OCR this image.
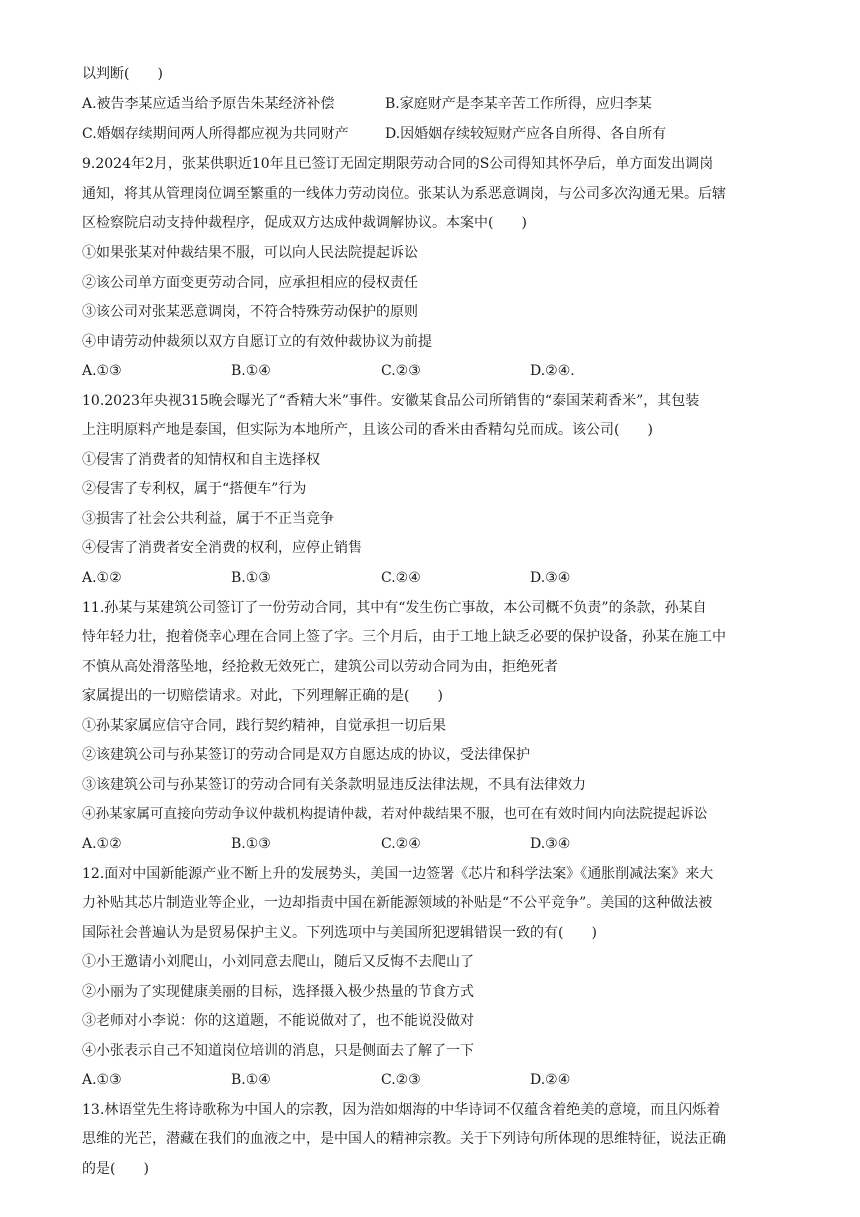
以判断(　　)
A.被告李某应适当给予原告朱某经济补偿	B.家庭财产是李某辛苦工作所得，应归李某
C.婚姻存续期间两人所得都应视为共同财产	D.因婚姻存续较短财产应各自所得、各自所有
9.2024年2月，张某供职近10年且已签订无固定期限劳动合同的S公司得知其怀孕后，单方面发出调岗
通知，将其从管理岗位调至繁重的一线体力劳动岗位。张某认为系恶意调岗，与公司多次沟通无果。后辖
区检察院启动支持仲裁程序，促成双方达成仲裁调解协议。本案中(　　)
①如果张某对仲裁结果不服，可以向人民法院提起诉讼
②该公司单方面变更劳动合同，应承担相应的侵权责任
③该公司对张某恶意调岗，不符合特殊劳动保护的原则
④申请劳动仲裁须以双方自愿订立的有效仲裁协议为前提
A.①③	B.①④	C.②③	D.②④.
10.2023年央视315晚会曝光了“香精大米”事件。安徽某食品公司所销售的“泰国茉莉香米”，其包装
上注明原料产地是泰国，但实际为本地所产，且该公司的香米由香精勾兑而成。该公司(　　)
①侵害了消费者的知情权和自主选择权
②侵害了专利权，属于“搭便车”行为
③损害了社会公共利益，属于不正当竞争
④侵害了消费者安全消费的权利，应停止销售
A.①②	B.①③	C.②④	D.③④
11.孙某与某建筑公司签订了一份劳动合同，其中有“发生伤亡事故，本公司概不负责”的条款，孙某自
恃年轻力壮，抱着侥幸心理在合同上签了字。三个月后，由于工地上缺乏必要的保护设备，孙某在施工中
不慎从高处滑落坠地，经抢救无效死亡，建筑公司以劳动合同为由，拒绝死者
家属提出的一切赔偿请求。对此，下列理解正确的是(　　)
①孙某家属应信守合同，践行契约精神，自觉承担一切后果
②该建筑公司与孙某签订的劳动合同是双方自愿达成的协议，受法律保护
③该建筑公司与孙某签订的劳动合同有关条款明显违反法律法规，不具有法律效力
④孙某家属可直接向劳动争议仲裁机构提请仲裁，若对仲裁结果不服，也可在有效时间内向法院提起诉讼
A.①②	B.①③	C.②④	D.③④
12.面对中国新能源产业不断上升的发展势头，美国一边签署《芯片和科学法案》《通胀削减法案》来大
力补贴其芯片制造业等企业，一边却指责中国在新能源领域的补贴是“不公平竞争”。美国的这种做法被
国际社会普遍认为是贸易保护主义。下列选项中与美国所犯逻辑错误一致的有(　　)
①小王邀请小刘爬山，小刘同意去爬山，随后又反悔不去爬山了
②小丽为了实现健康美丽的目标，选择摄入极少热量的节食方式
③老师对小李说：你的这道题，不能说做对了，也不能说没做对
④小张表示自己不知道岗位培训的消息，只是侧面去了解了一下
A.①③	B.①④	C.②③	D.②④
13.林语堂先生将诗歌称为中国人的宗教，因为浩如烟海的中华诗词不仅蕴含着绝美的意境，而且闪烁着
思维的光芒，潜藏在我们的血液之中，是中国人的精神宗教。关于下列诗句所体现的思维特征，说法正确
的是(　　)
